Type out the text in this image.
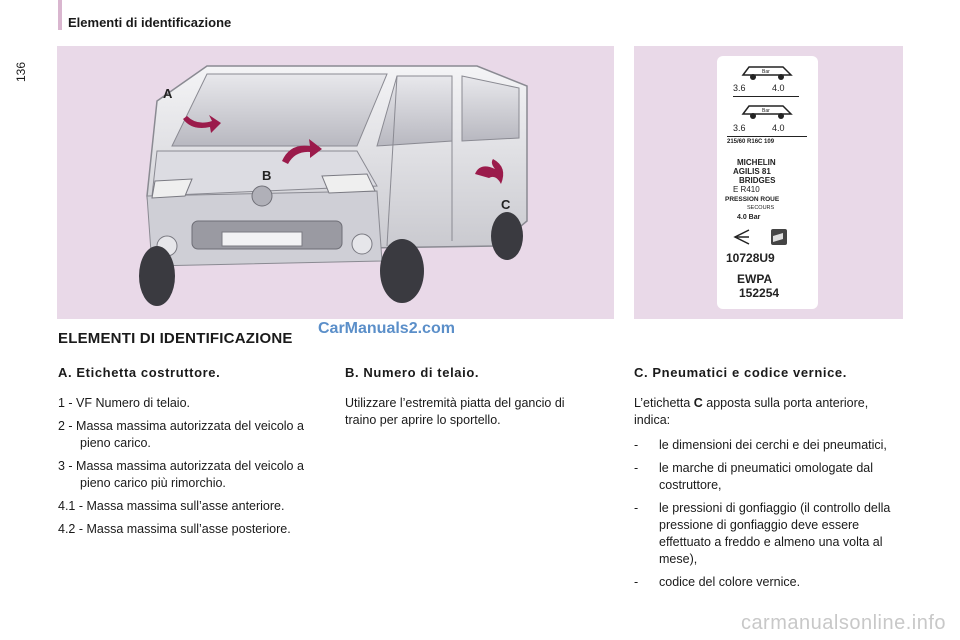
Elementi di identificazione
136
A
B
C
Bar
3.6	4.0
Bar
3.6	4.0
215/60 R16C 109
MICHELIN
AGILIS 81
BRIDGES
E R410
PRESSION ROUE
SECOURS
4.0 Bar
10728U9
EWPA
152254
ELEMENTI DI IDENTIFICAZIONE
CarManuals2.com
A. Etichetta costruttore.

1 - VF Numero di telaio.

2 - Massa massima autorizzata del veicolo a pieno carico.

3 - Massa massima autorizzata del veicolo a pieno carico più rimorchio.

4.1 - Massa massima sull’asse anteriore.

4.2 - Massa massima sull’asse posteriore.

B. Numero di telaio.

Utilizzare l’estremità piatta del gancio di traino per aprire lo sportello.

C. Pneumatici e codice vernice.

L’etichetta C apposta sulla porta anteriore, indica:

- le dimensioni dei cerchi e dei pneumatici,
- le marche di pneumatici omologate dal costruttore,
- le pressioni di gonfiaggio (il controllo della pressione di gonfiaggio deve essere effettuato a freddo e almeno una volta al mese),
- codice del colore vernice.
carmanualsonline.info
